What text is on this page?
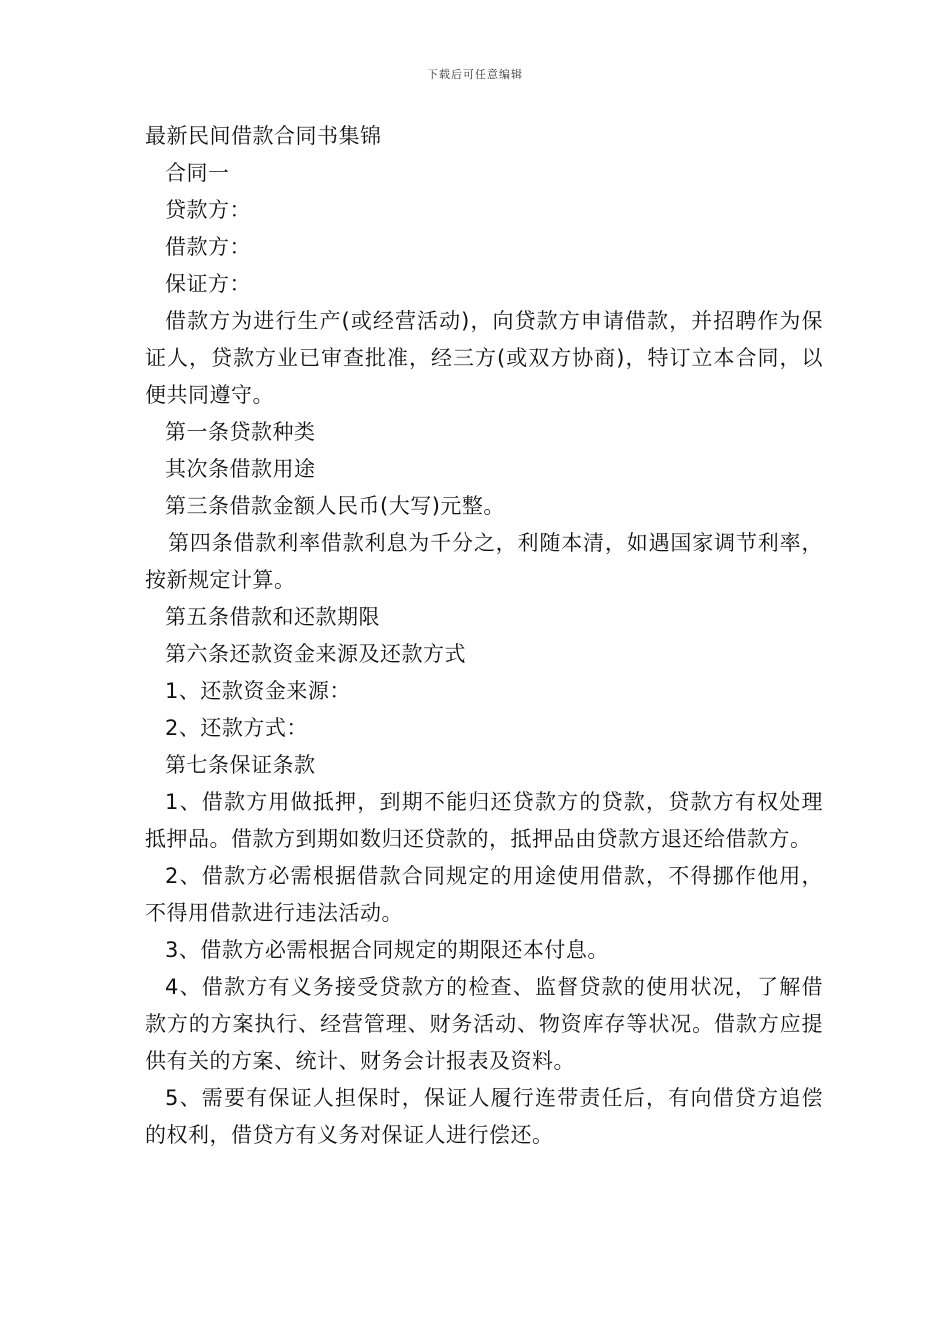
下载后可任意编辑
最新民间借款合同书集锦
合同一
贷款方：
借款方：
保证方：
借款方为进行生产(或经营活动)，向贷款方申请借款，并招聘作为保证人，贷款方业已审查批准，经三方(或双方协商)，特订立本合同，以便共同遵守。
第一条贷款种类
其次条借款用途
第三条借款金额人民币(大写)元整。
第四条借款利率借款利息为千分之，利随本清，如遇国家调节利率，按新规定计算。
第五条借款和还款期限
第六条还款资金来源及还款方式
1、还款资金来源：
2、还款方式：
第七条保证条款
1、借款方用做抵押，到期不能归还贷款方的贷款，贷款方有权处理抵押品。借款方到期如数归还贷款的，抵押品由贷款方退还给借款方。
2、借款方必需根据借款合同规定的用途使用借款，不得挪作他用，不得用借款进行违法活动。
3、借款方必需根据合同规定的期限还本付息。
4、借款方有义务接受贷款方的检查、监督贷款的使用状况，了解借款方的方案执行、经营管理、财务活动、物资库存等状况。借款方应提供有关的方案、统计、财务会计报表及资料。
5、需要有保证人担保时，保证人履行连带责任后，有向借贷方追偿的权利，借贷方有义务对保证人进行偿还。
